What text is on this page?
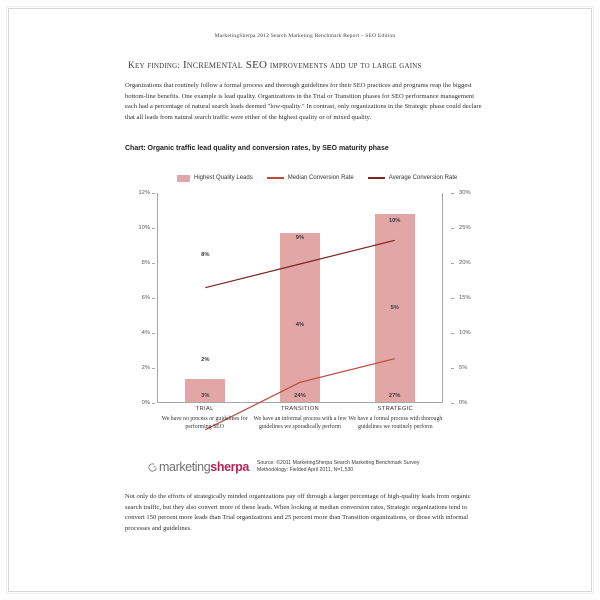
MarketingSherpa 2012 Search Marketing Benchmark Report – SEO Edition
Key finding: Incremental SEO improvements add up to large gains
Organizations that routinely follow a formal process and thorough guidelines for their SEO practices and programs reap the biggest bottom-line benefits. One example is lead quality. Organizations in the Trial or Transition phases for SEO performance management each had a percentage of natural search leads deemed "low-quality." In contrast, only organizations in the Strategic phase could declare that all leads from natural search traffic were either of the highest quality or of mixed quality.
Chart: Organic traffic lead quality and conversion rates, by SEO maturity phase
Highest Quality Leads	Median Conversion Rate	Average Conversion Rate
0%
2%
4%
6%
8%
10%
12%
0%
5%
10%
15%
20%
25%
30%
3%	24%	27%
2%
4%
5%
8%
9%
10%
TRIAL
We have no process or guidelines for performing SEO
TRANSITION
We have an informal process with a few guidelines we sporadically perform
STRATEGIC
We have a formal process with thorough guidelines we routinely perform
marketingsherpa Source: ©2011 MarketingSherpa Search Marketing Benchmark Survey
Methodology: Fielded April 2011, N=1,530
Not only do the efforts of strategically minded organizations pay off through a larger percentage of high-quality leads from organic search traffic, but they also convert more of these leads. When looking at median conversion rates, Strategic organizations tend to convert 150 percent more leads than Trial organizations and 25 percent more than Transition organizations, or those with informal processes and guidelines.
